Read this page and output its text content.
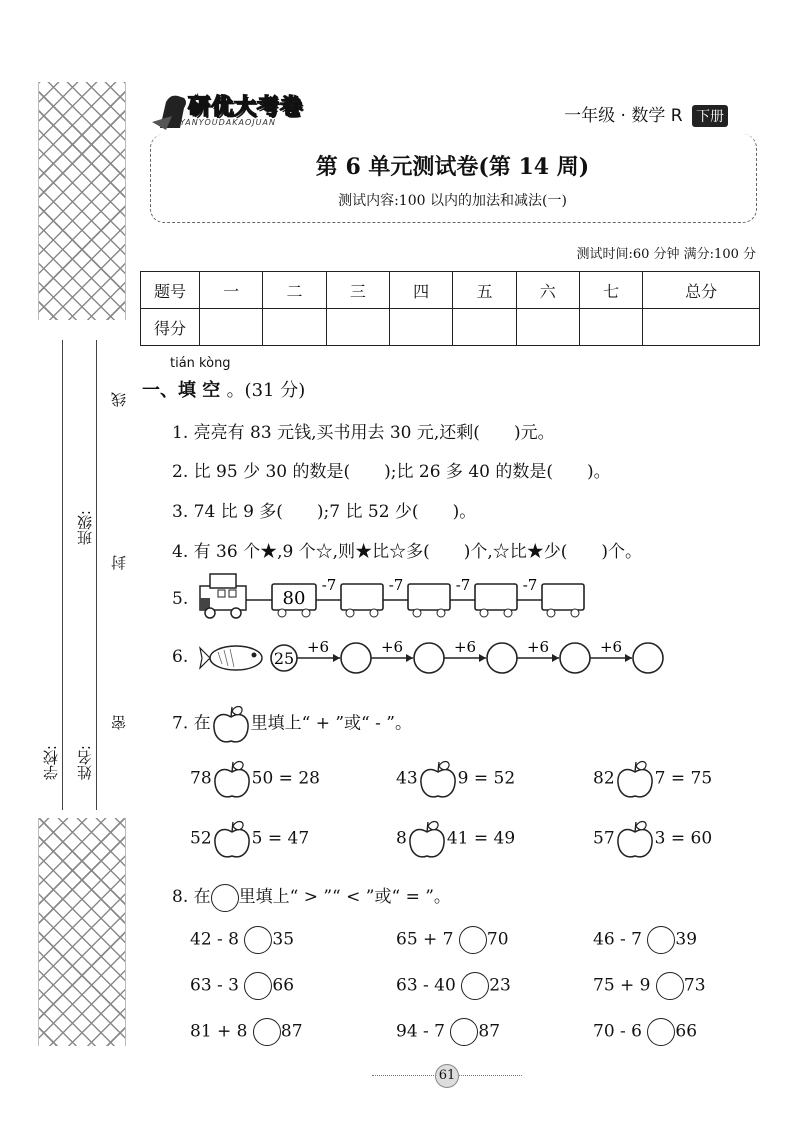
学校: 姓名:
班级:
线
封
密
研优大考卷
YANYOUDAKAOJUAN	一年级 · 数学 R 下册
第 6 单元测试卷(第 14 周)
测试内容:100 以内的加法和减法(一)
测试时间:60 分钟 满分:100 分
题号	一	二	三	四	五	六	七	总分
得分								
tián kòng
一、填 空 。(31 分)
1. 亮亮有 83 元钱,买书用去 30 元,还剩(　　)元。
2. 比 95 少 30 的数是(　　);比 26 多 40 的数是(　　)。
3. 74 比 9 多(　　);7 比 52 少(　　)。
4. 有 36 个★,9 个☆,则★比☆多(　　)个,☆比★少(　　)个。
5.	80
-7	-7	-7	-7
6.	25
+6	+6	+6	+6	+6
7. 在 里填上“ + ”或“ - ”。
78 50 = 28	43 9 = 52	82 7 = 75
52 5 = 47	8 41 = 49	57 3 = 60
8. 在 里填上“ > ”“ < ”或“ = ”。
42 - 8 35	65 + 7 70	46 - 7 39
63 - 3 66	63 - 40 23	75 + 9 73
81 + 8 87	94 - 7 87	70 - 6 66
61
